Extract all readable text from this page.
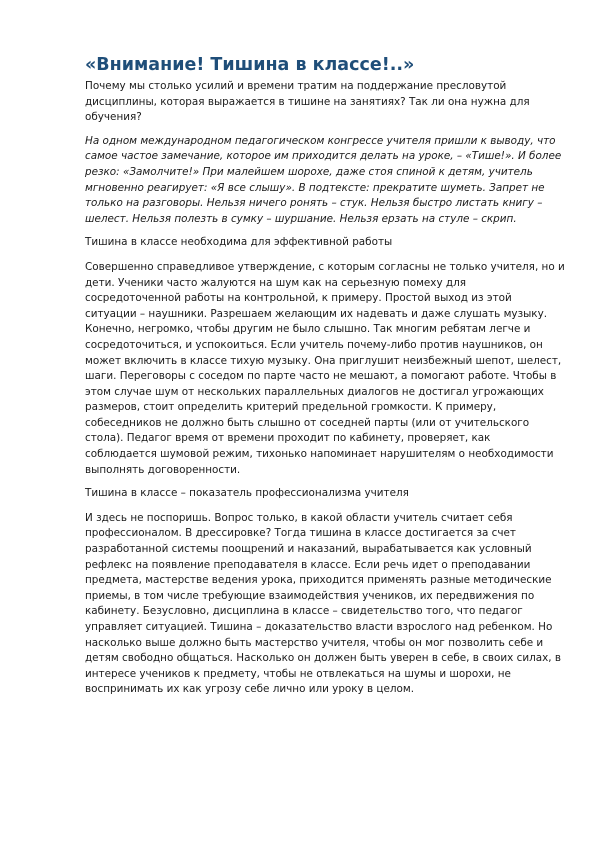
«Внимание! Тишина в классе!..»

Почему мы столько усилий и времени тратим на поддержание пресловутой дисциплины, которая выражается в тишине на занятиях? Так ли она нужна для обучения?

На одном международном педагогическом конгрессе учителя пришли к выводу, что самое частое замечание, которое им приходится делать на уроке, – «Тише!». И более резко: «Замолчите!» При малейшем шорохе, даже стоя спиной к детям, учитель мгновенно реагирует: «Я все слышу». В подтексте: прекратите шуметь. Запрет не только на разговоры. Нельзя ничего ронять – стук. Нельзя быстро листать книгу – шелест. Нельзя полезть в сумку – шуршание. Нельзя ерзать на стуле – скрип.

Тишина в классе необходима для эффективной работы

Совершенно справедливое утверждение, с которым согласны не только учителя, но и дети. Ученики часто жалуются на шум как на серьезную помеху для сосредоточенной работы на контрольной, к примеру. Простой выход из этой ситуации – наушники. Разрешаем желающим их надевать и даже слушать музыку. Конечно, негромко, чтобы другим не было слышно. Так многим ребятам легче и сосредоточиться, и успокоиться. Если учитель почему-либо против наушников, он может включить в классе тихую музыку. Она приглушит неизбежный шепот, шелест, шаги. Переговоры с соседом по парте часто не мешают, а помогают работе. Чтобы в этом случае шум от нескольких параллельных диалогов не достигал угрожающих размеров, стоит определить критерий предельной громкости. К примеру, собеседников не должно быть слышно от соседней парты (или от учительского стола). Педагог время от времени проходит по кабинету, проверяет, как соблюдается шумовой режим, тихонько напоминает нарушителям о необходимости выполнять договоренности.

Тишина в классе – показатель профессионализма учителя

И здесь не поспоришь. Вопрос только, в какой области учитель считает себя профессионалом. В дрессировке? Тогда тишина в классе достигается за счет разработанной системы поощрений и наказаний, вырабатывается как условный рефлекс на появление преподавателя в классе. Если речь идет о преподавании предмета, мастерстве ведения урока, приходится применять разные методические приемы, в том числе требующие взаимодействия учеников, их передвижения по кабинету. Безусловно, дисциплина в классе – свидетельство того, что педагог управляет ситуацией. Тишина – доказательство власти взрослого над ребенком. Но насколько выше должно быть мастерство учителя, чтобы он мог позволить себе и детям свободно общаться. Насколько он должен быть уверен в себе, в своих силах, в интересе учеников к предмету, чтобы не отвлекаться на шумы и шорохи, не воспринимать их как угрозу себе лично или уроку в целом.
